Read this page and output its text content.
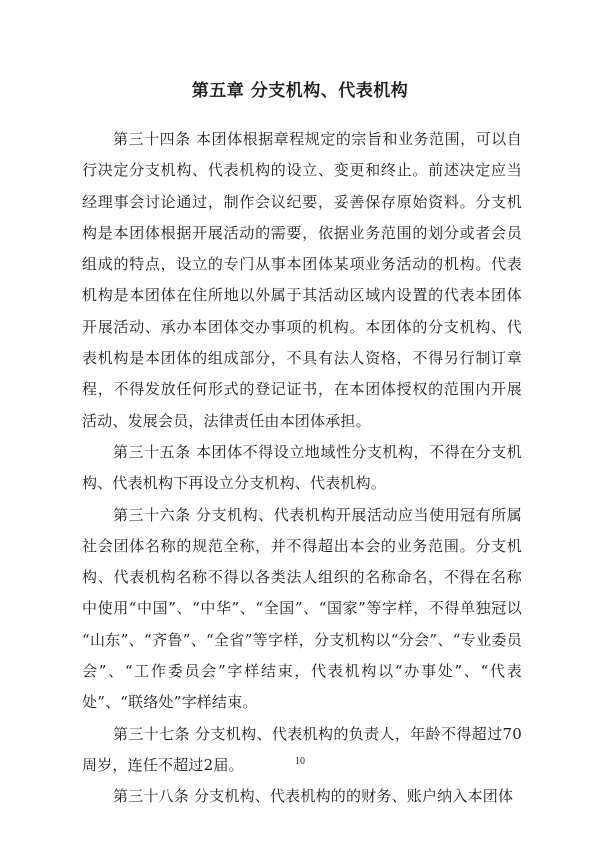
第五章 分支机构、代表机构

第三十四条 本团体根据章程规定的宗旨和业务范围，可以自行决定分支机构、代表机构的设立、变更和终止。前述决定应当经理事会讨论通过，制作会议纪要，妥善保存原始资料。分支机构是本团体根据开展活动的需要，依据业务范围的划分或者会员组成的特点，设立的专门从事本团体某项业务活动的机构。代表机构是本团体在住所地以外属于其活动区域内设置的代表本团体开展活动、承办本团体交办事项的机构。本团体的分支机构、代表机构是本团体的组成部分，不具有法人资格，不得另行制订章程，不得发放任何形式的登记证书，在本团体授权的范围内开展活动、发展会员，法律责任由本团体承担。

第三十五条 本团体不得设立地域性分支机构，不得在分支机构、代表机构下再设立分支机构、代表机构。

第三十六条 分支机构、代表机构开展活动应当使用冠有所属社会团体名称的规范全称，并不得超出本会的业务范围。分支机构、代表机构名称不得以各类法人组织的名称命名，不得在名称中使用“中国”、“中华”、“全国”、“国家”等字样，不得单独冠以 “山东”、“齐鲁”、“全省”等字样，分支机构以“分会”、“专业委员会”、“工作委员会”字样结束，代表机构以“办事处”、“代表处”、“联络处”字样结束。

第三十七条 分支机构、代表机构的负责人，年龄不得超过70周岁，连任不超过2届。

第三十八条 分支机构、代表机构的的财务、账户纳入本团体

10
